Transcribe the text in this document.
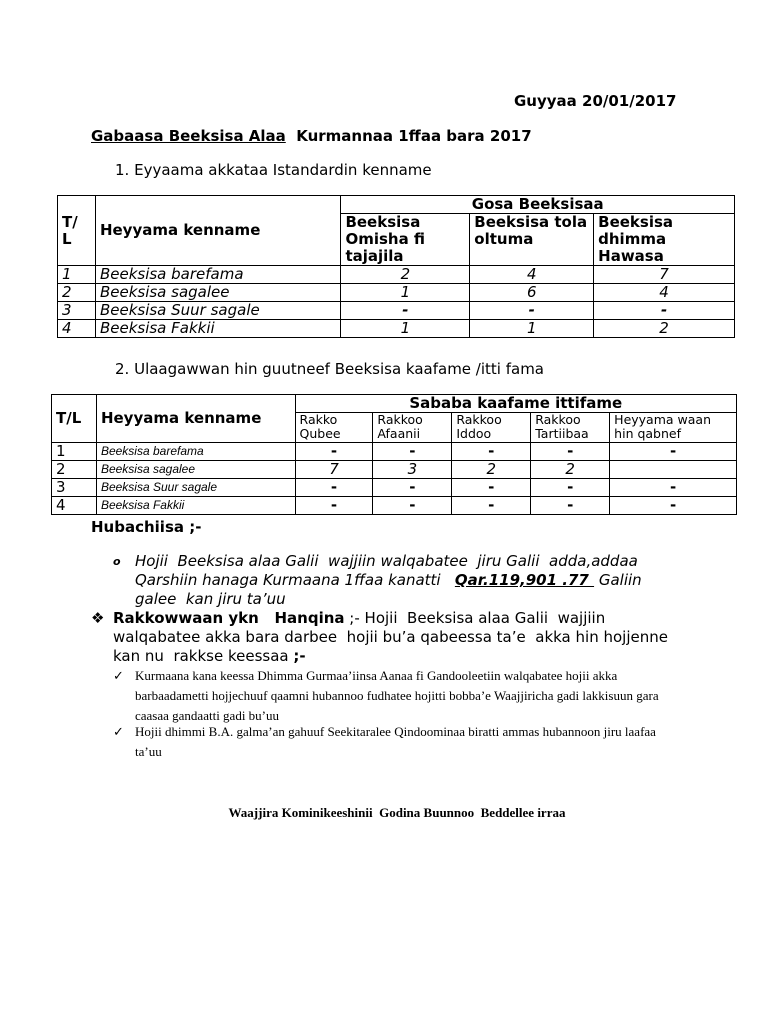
Guyyaa 20/01/2017
Gabaasa Beeksisa Alaa  Kurmannaa 1ffaa bara 2017
1. Eyyaama akkataa Istandardin kenname
T/ L	Heyyama kenname	Gosa Beeksisaa		
		Beeksisa Omisha fi tajajila	Beeksisa tola oltuma	Beeksisa dhimma Hawasa
1	Beeksisa barefama	2	4	7
2	Beeksisa sagalee	1	6	4
3	Beeksisa Suur sagale	-	-	-
4	Beeksisa Fakkii	1	1	2
2. Ulaagawwan hin guutneef Beeksisa kaafame /itti fama
T/L	Heyyama kenname	Sababa kaafame ittifame				
		Rakko Qubee	Rakkoo Afaanii	Rakkoo Iddoo	Rakkoo Tartiibaa	Heyyama waan hin qabnef
1	Beeksisa barefama	-	-	-	-	-
2	Beeksisa sagalee	7	3	2	2	
3	Beeksisa Suur sagale	-	-	-	-	-
4	Beeksisa Fakkii	-	-	-	-	-
Hubachiisa ;-
o Hojii  Beeksisa alaa Galii  wajjiin walqabatee  jiru Galii  adda,addaa  Qarshiin hanaga Kurmaana 1ffaa kanatti   Qar.119,901 .77  Galiin galee  kan jiru ta’uu
❖ Rakkowwaan ykn   Hanqina ;- Hojii  Beeksisa alaa Galii  wajjiin walqabatee akka bara darbee  hojii bu’a qabeessa ta’e  akka hin hojjenne kan nu  rakkse keessaa ;-
✓ Kurmaana kana keessa Dhimma Gurmaa’iinsa Aanaa fi Gandooleetiin walqabatee hojii akka barbaadametti hojjechuuf qaamni hubannoo fudhatee hojitti bobba’e Waajjiricha gadi lakkisuun gara caasaa gandaatti gadi bu’uu
✓ Hojii dhimmi B.A. galma’an gahuuf Seekitaralee Qindoominaa biratti ammas hubannoon jiru laafaa ta’uu
Waajjira Kominikeeshinii  Godina Buunnoo  Beddellee irraa
